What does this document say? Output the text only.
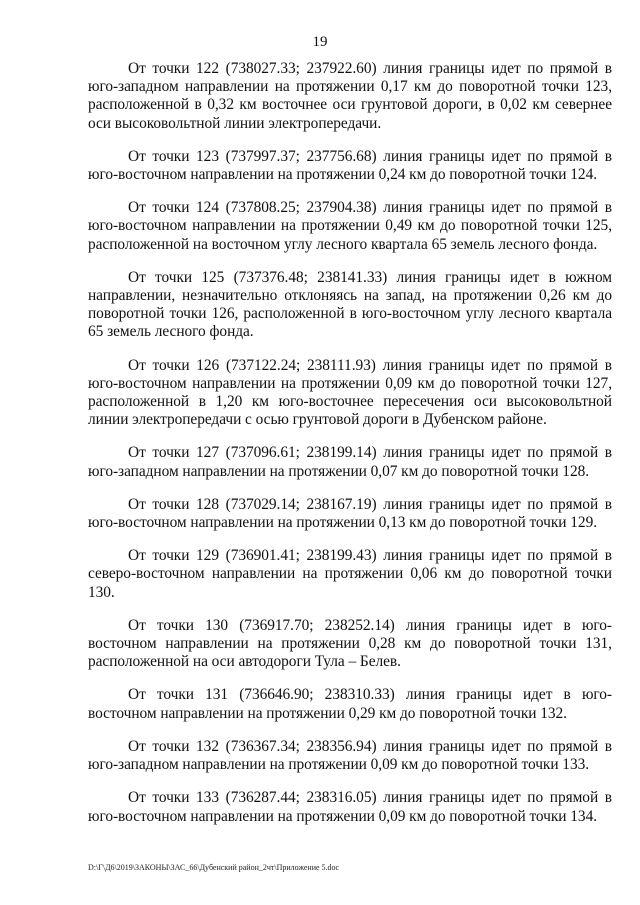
19

От точки 122 (738027.33; 237922.60) линия границы идет по прямой в юго-западном направлении на протяжении 0,17 км до поворотной точки 123, расположенной в 0,32 км восточнее оси грунтовой дороги, в 0,02 км севернее оси высоковольтной линии электропередачи.

От точки 123 (737997.37; 237756.68) линия границы идет по прямой в юго-восточном направлении на протяжении 0,24 км до поворотной точки 124.

От точки 124 (737808.25; 237904.38) линия границы идет по прямой в юго-восточном направлении на протяжении 0,49 км до поворотной точки 125, расположенной на восточном углу лесного квартала 65 земель лесного фонда.

От точки 125 (737376.48; 238141.33) линия границы идет в южном направлении, незначительно отклоняясь на запад, на протяжении 0,26 км до поворотной точки 126, расположенной в юго-восточном углу лесного квартала 65 земель лесного фонда.

От точки 126 (737122.24; 238111.93) линия границы идет по прямой в юго-восточном направлении на протяжении 0,09 км до поворотной точки 127, расположенной в 1,20 км юго-восточнее пересечения оси высоковольтной линии электропередачи с осью грунтовой дороги в Дубенском районе.

От точки 127 (737096.61; 238199.14) линия границы идет по прямой в юго-западном направлении на протяжении 0,07 км до поворотной точки 128.

От точки 128 (737029.14; 238167.19) линия границы идет по прямой в юго-восточном направлении на протяжении 0,13 км до поворотной точки 129.

От точки 129 (736901.41; 238199.43) линия границы идет по прямой в северо-восточном направлении на протяжении 0,06 км до поворотной точки 130.

От точки 130 (736917.70; 238252.14) линия границы идет в юго-восточном направлении на протяжении 0,28 км до поворотной точки 131, расположенной на оси автодороги Тула – Белев.

От точки 131 (736646.90; 238310.33) линия границы идет в юго-восточном направлении на протяжении 0,29 км до поворотной точки 132.

От точки 132 (736367.34; 238356.94) линия границы идет по прямой в юго-западном направлении на протяжении 0,09 км до поворотной точки 133.

От точки 133 (736287.44; 238316.05) линия границы идет по прямой в юго-восточном направлении на протяжении 0,09 км до поворотной точки 134.

D:\Г\Д6\2019\ЗАКОНЫ\ЗАС_66\Дубенский район_2чт\Приложение 5.doc
